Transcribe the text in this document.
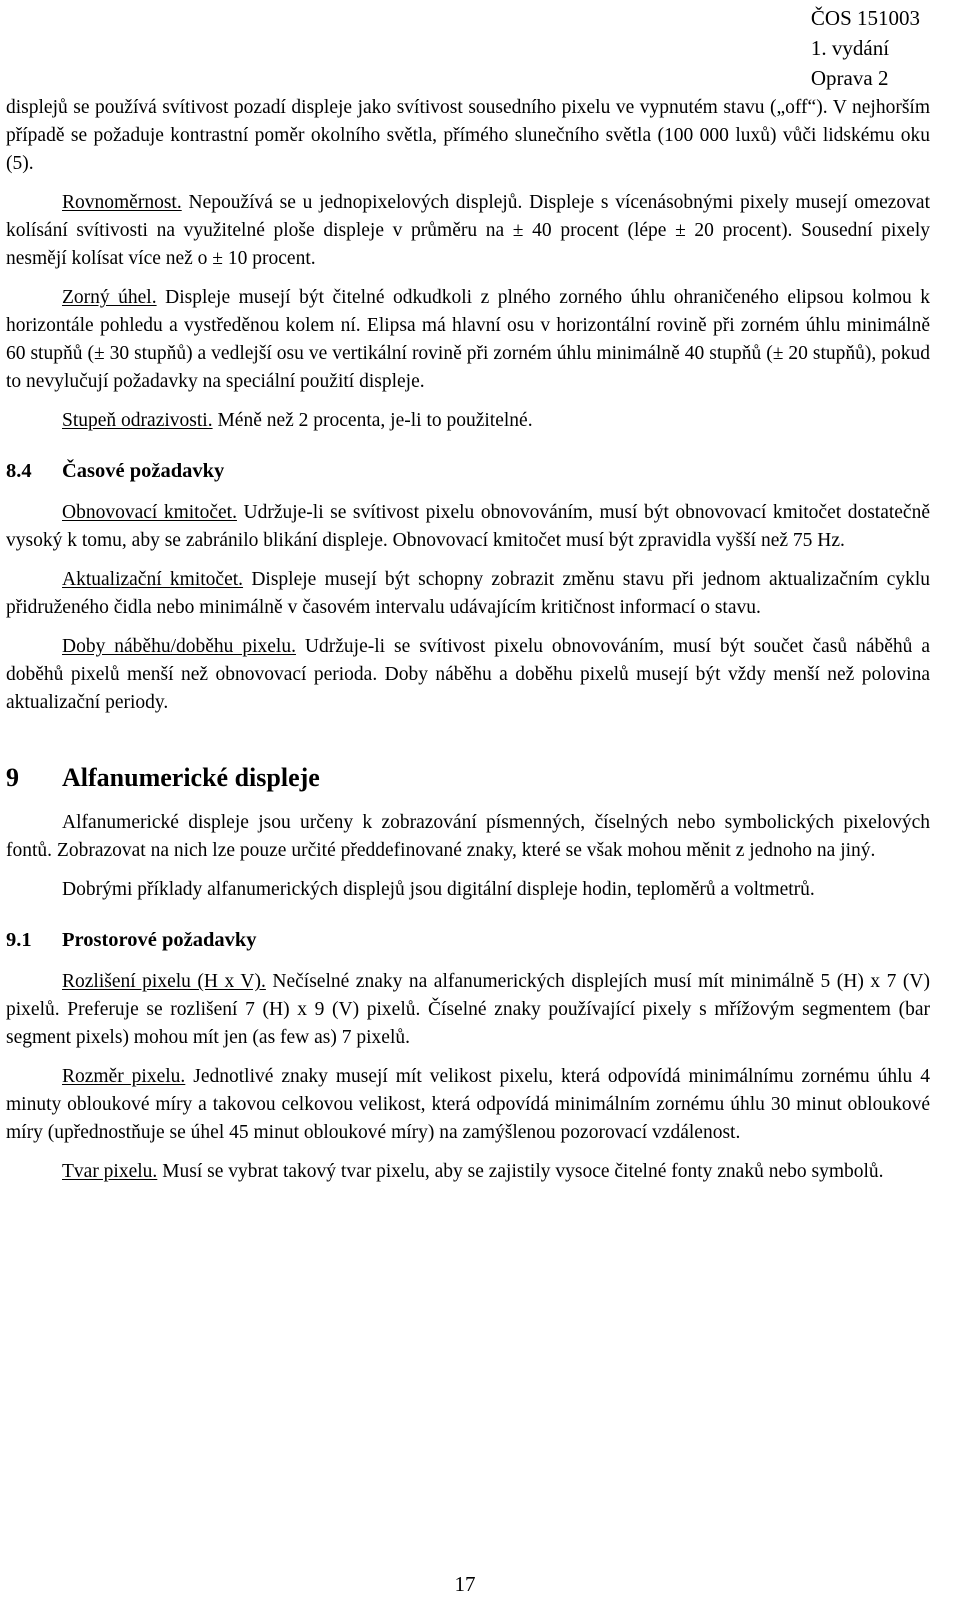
ČOS 151003
1. vydání
Oprava 2

displejů se používá svítivost pozadí displeje jako svítivost sousedního pixelu ve vypnutém stavu („off“). V nejhorším případě se požaduje kontrastní poměr okolního světla, přímého slunečního světla (100 000 luxů) vůči lidskému oku (5).

Rovnoměrnost. Nepoužívá se u jednopixelových displejů. Displeje s vícenásobnými pixely musejí omezovat kolísání svítivosti na využitelné ploše displeje v průměru na ± 40 procent (lépe ± 20 procent). Sousední pixely nesmějí kolísat více než o ± 10 procent.

Zorný úhel. Displeje musejí být čitelné odkudkoli z plného zorného úhlu ohraničeného elipsou kolmou k horizontále pohledu a vystředěnou kolem ní. Elipsa má hlavní osu v horizontální rovině při zorném úhlu minimálně 60 stupňů (± 30 stupňů) a vedlejší osu ve vertikální rovině při zorném úhlu minimálně 40 stupňů (± 20 stupňů), pokud to nevylučují požadavky na speciální použití displeje.

Stupeň odrazivosti. Méně než 2 procenta, je-li to použitelné.

8.4	Časové požadavky

Obnovovací kmitočet. Udržuje-li se svítivost pixelu obnovováním, musí být obnovovací kmitočet dostatečně vysoký k tomu, aby se zabránilo blikání displeje. Obnovovací kmitočet musí být zpravidla vyšší než 75 Hz.

Aktualizační kmitočet. Displeje musejí být schopny zobrazit změnu stavu při jednom aktualizačním cyklu přidruženého čidla nebo minimálně v časovém intervalu udávajícím kritičnost informací o stavu.

Doby náběhu/doběhu pixelu. Udržuje-li se svítivost pixelu obnovováním, musí být součet časů náběhů a doběhů pixelů menší než obnovovací perioda. Doby náběhu a doběhu pixelů musejí být vždy menší než polovina aktualizační periody.

9	Alfanumerické displeje

Alfanumerické displeje jsou určeny k zobrazování písmenných, číselných nebo symbolických pixelových fontů. Zobrazovat na nich lze pouze určité předdefinované znaky, které se však mohou měnit z jednoho na jiný.

Dobrými příklady alfanumerických displejů jsou digitální displeje hodin, teploměrů a voltmetrů.

9.1	Prostorové požadavky

Rozlišení pixelu (H x V). Nečíselné znaky na alfanumerických displejích musí mít minimálně 5 (H) x 7 (V) pixelů. Preferuje se rozlišení 7 (H) x 9 (V) pixelů. Číselné znaky používající pixely s mřížovým segmentem (bar segment pixels) mohou mít jen (as few as) 7 pixelů.

Rozměr pixelu. Jednotlivé znaky musejí mít velikost pixelu, která odpovídá minimálnímu zornému úhlu 4 minuty obloukové míry a takovou celkovou velikost, která odpovídá minimálním zornému úhlu 30 minut obloukové míry (upřednostňuje se úhel 45 minut obloukové míry) na zamýšlenou pozorovací vzdálenost.

Tvar pixelu. Musí se vybrat takový tvar pixelu, aby se zajistily vysoce čitelné fonty znaků nebo symbolů.

17
